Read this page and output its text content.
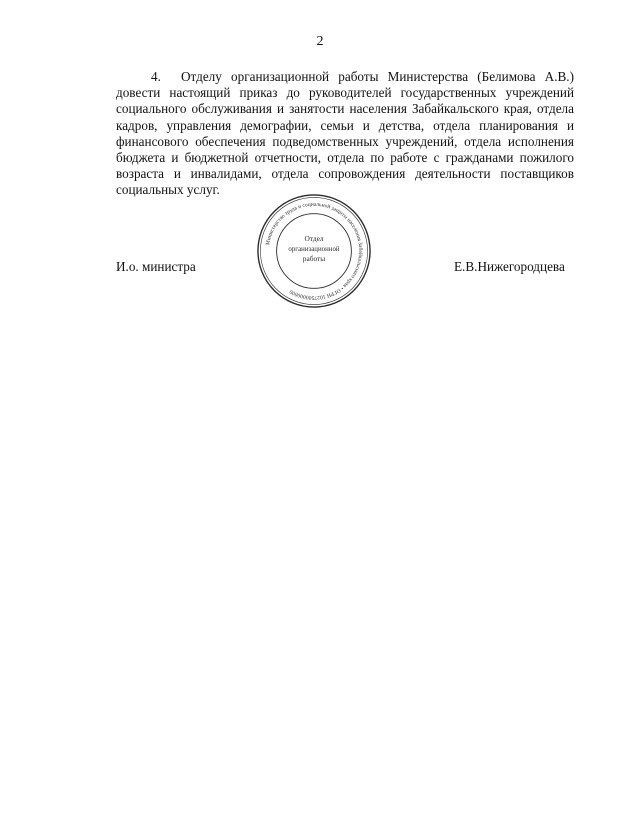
2
4. Отделу организационной работы Министерства (Белимова А.В.) довести настоящий приказ до руководителей государственных учреждений социального обслуживания и занятости населения Забайкальского края, отдела кадров, управления демографии, семьи и детства, отдела планирования и финансового обеспечения подведомственных учреждений, отдела исполнения бюджета и бюджетной отчетности, отдела по работе с гражданами пожилого возраста и инвалидами, отдела сопровождения деятельности поставщиков социальных услуг.
И.о. министра	Е.В.Нижегородцева
Министерство труда и социальной защиты населения Забайкальского края • ОГРН 1027500000000
Отдел
организационной
работы
